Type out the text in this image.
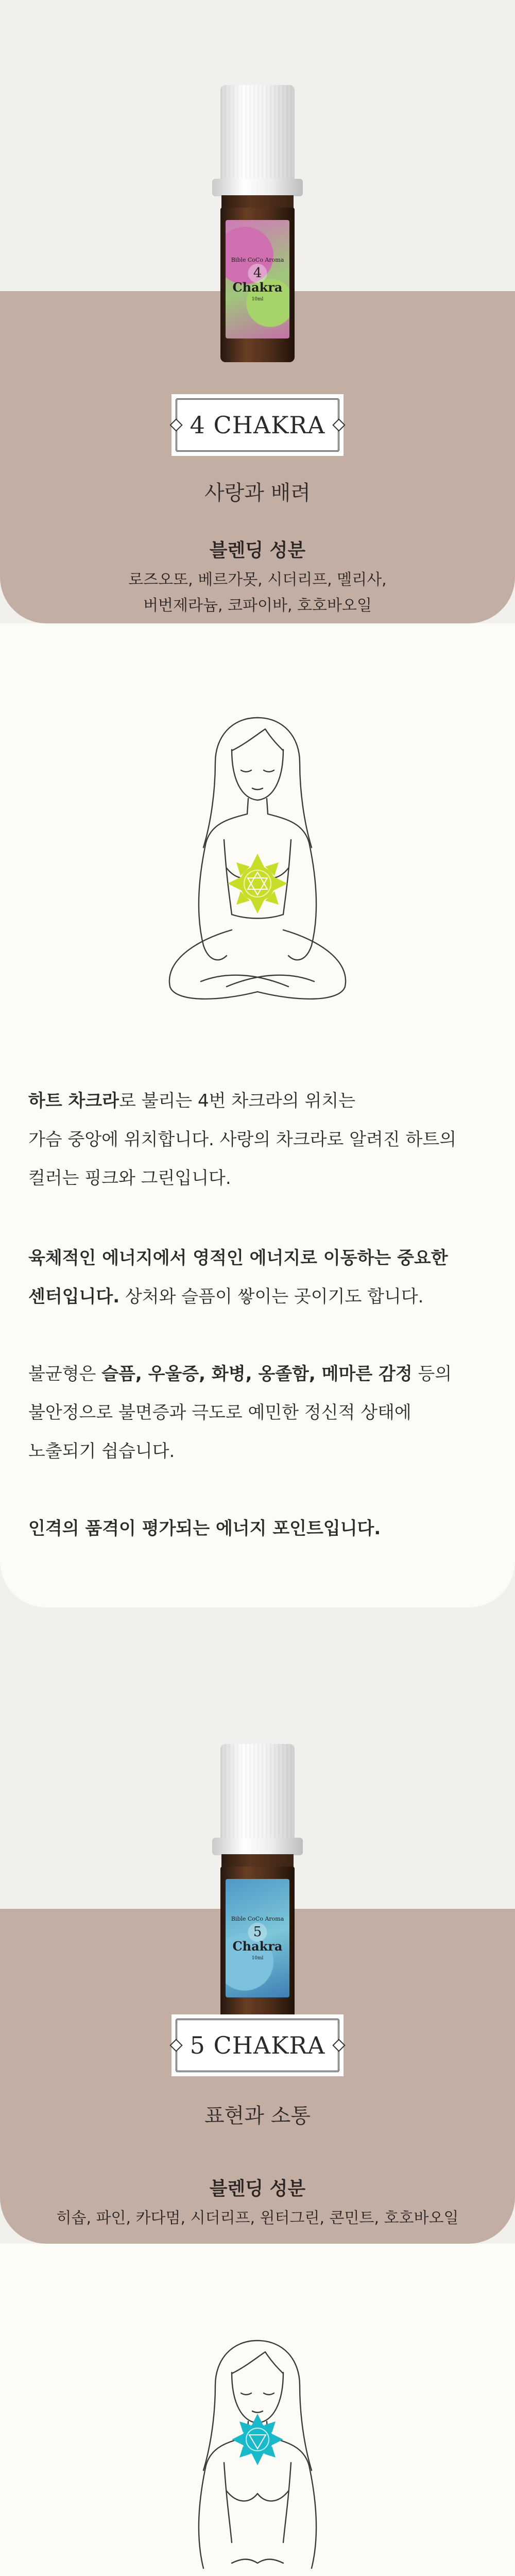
Bible CoCo Aroma
4
Chakra
10ml
4 CHAKRA
사랑과 배려
블렌딩 성분
로즈오또, 베르가못, 시더리프, 멜리사,
버번제라늄, 코파이바, 호호바오일
하트 차크라로 불리는 4번 차크라의 위치는
가슴 중앙에 위치합니다. 사랑의 차크라로 알려진 하트의
컬러는 핑크와 그린입니다.
육체적인 에너지에서 영적인 에너지로 이동하는 중요한
센터입니다. 상처와 슬픔이 쌓이는 곳이기도 합니다.
불균형은 슬픔, 우울증, 화병, 옹졸함, 메마른 감정 등의
불안정으로 불면증과 극도로 예민한 정신적 상태에
노출되기 쉽습니다.
인격의 품격이 평가되는 에너지 포인트입니다.
Bible CoCo Aroma
5
Chakra
10ml
5 CHAKRA
표현과 소통
블렌딩 성분
히솝, 파인, 카다멈, 시더리프, 윈터그린, 콘민트, 호호바오일
